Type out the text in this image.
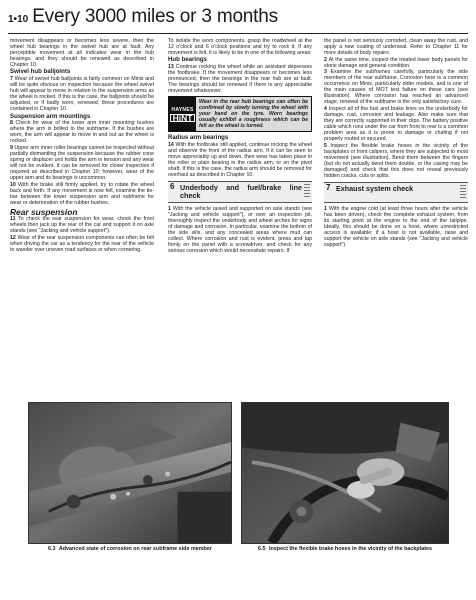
1•10 Every 3000 miles or 3 months

movement disappears or becomes less severe, then the wheel hub bearings in the swivel hub are at fault. Any perceptible movement at all indicates wear in the hub bearings, and they should be renewed as described in Chapter 10.

Swivel hub balljoints

7 Wear of swivel hub balljoints is fairly common on Minis and will be quite obvious on inspection because the wheel swivel hub will appear to move in relation to the suspension arms as the wheel is rocked. If this is the case, the balljoints should be adjusted, or if badly worn, renewed; these procedures are contained in Chapter 10.

Suspension arm mountings

8 Check for wear of the lower arm inner mounting bushes where the arm is bolted to the subframe. If the bushes are worn, the arm will appear to move in and out as the wheel is rocked.

9 Upper arm inner roller bearings cannot be inspected without partially dismantling the suspension because the rubber cone spring or displacer unit holds the arm in tension and any wear will not be evident. It can be removed for closer inspection if required as described in Chapter 10; however, wear of the upper arm and its bearings is uncommon.

10 With the brake still firmly applied, try to rotate the wheel back and forth. If any movement is now felt, examine the tie-bar between the lower suspension arm and subframe for wear or deterioration of the rubber bushes.

Rear suspension

11 To check the rear suspension for wear, chock the front wheels then jack up the rear of the car and support it on axle stands (see "Jacking and vehicle support").

12 Wear of the rear suspension components can often be felt when driving the car as a tendency for the rear of the vehicle to wander over uneven road surfaces or when cornering.

To isolate the worn components, grasp the roadwheel at the 12 o'clock and 6 o'clock positions and try to rock it. If any movement is felt, it is likely to be in one of the following areas:

Hub bearings

13 Continue rocking the wheel while an assistant depresses the footbrake. If the movement disappears or becomes less pronounced, then the bearings in the rear hub are at fault. The bearings should be renewed if there is any appreciable movement whatsoever.

HAYNES
HiNT
Wear in the rear hub bearings can often be confirmed by slowly turning the wheel with your hand on the tyre. Worn bearings usually exhibit a roughness which can be felt as the wheel is turned.
Radius arm bearings

14 With the footbrake still applied, continue rocking the wheel and observe the front of the radius arm. If it can be seen to move appreciably up and down, then wear has taken place in the roller or plain bearing in the radius arm, or on the pivot shaft. If this is the case, the radius arm should be removed for overhaul as described in Chapter 10.

6 Underbody and fuel/brake line check

1 With the vehicle raised and supported on axle stands (see "Jacking and vehicle support"), or over an inspection pit, thoroughly inspect the underbody and wheel arches for signs of damage and corrosion. In particular, examine the bottom of the side sills, and any concealed areas where mud can collect. Where corrosion and rust is evident, press and tap firmly on the panel with a screwdriver, and check for any serious corrosion which would necessitate repairs. If

the panel is not seriously corroded, clean away the rust, and apply a new coating of underseal. Refer to Chapter 11 for more details of body repairs.

2 At the same time, inspect the treated lower body panels for stone damage and general condition.

3 Examine the subframes carefully, particularly the side members of the rear subframe. Corrosion here is a common occurrence on Minis, particularly older models, and is one of the main causes of MOT test failure on these cars (see illustration). Where corrosion has reached an advanced stage, renewal of the subframe is the only satisfactory cure.

4 Inspect all of the fuel and brake lines on the underbody for damage, rust, corrosion and leakage. Also make sure that they are correctly supported in their clips. The battery positive cable which runs under the car from front to rear is a common problem area as it is prone to damage or chafing if not properly routed or secured.

5 Inspect the flexible brake hoses in the vicinity of the backplates or front calipers, where they are subjected to most movement (see illustration). Bend them between the fingers (but do not actually bend them double, or the casing may be damaged) and check that this does not reveal previously hidden cracks, cuts or splits.

7 Exhaust system check

1 With the engine cold (at least three hours after the vehicle has been driven), check the complete exhaust system, from its starting point at the engine to the end of the tailpipe. Ideally, this should be done on a hoist, where unrestricted access is available; if a hoist is not available, raise and support the vehicle on axle stands (see "Jacking and vehicle support").

6.3 Advanced state of corrosion on rear subframe side member	6.5 Inspect the flexible brake hoses in the vicinity of the backplates
